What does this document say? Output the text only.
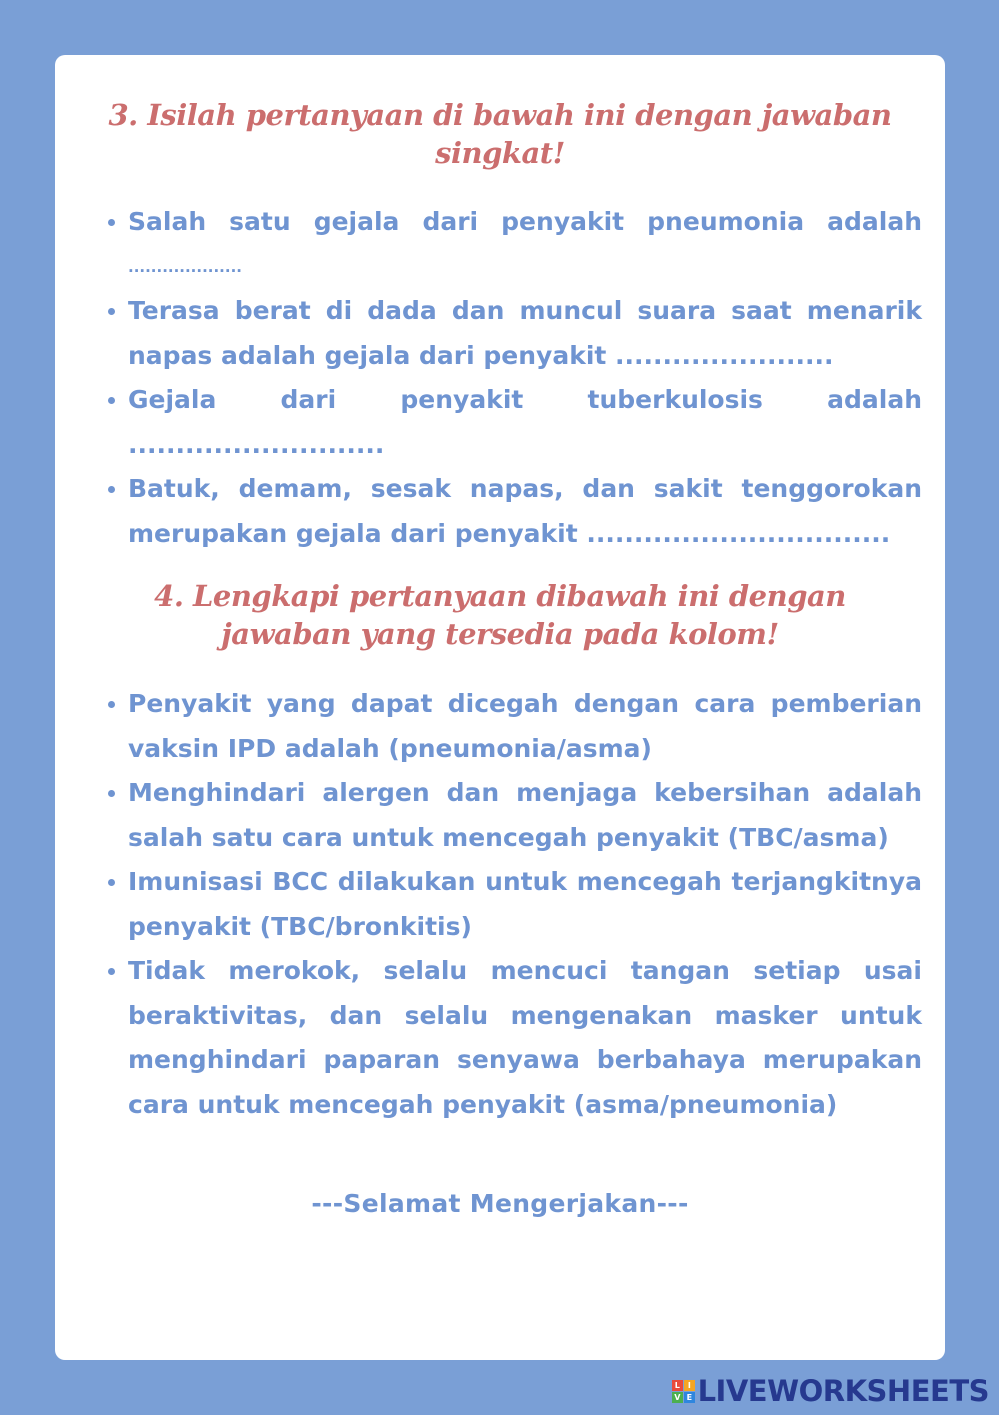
3. Isilah pertanyaan di bawah ini dengan jawaban
singkat!
Salah satu gejala dari penyakit pneumonia adalah
....................
Terasa berat di dada dan muncul suara saat menarik
napas adalah gejala dari penyakit .......................
Gejala dari penyakit tuberkulosis adalah ...........................
Batuk, demam, sesak napas, dan sakit tenggorokan
merupakan gejala dari penyakit ................................
4. Lengkapi pertanyaan dibawah ini dengan
jawaban yang tersedia pada kolom!
Penyakit yang dapat dicegah dengan cara pemberian
vaksin IPD adalah (pneumonia/asma)
Menghindari alergen dan menjaga kebersihan adalah
salah satu cara untuk mencegah penyakit (TBC/asma)
Imunisasi BCC dilakukan untuk mencegah terjangkitnya
penyakit (TBC/bronkitis)
Tidak merokok, selalu mencuci tangan setiap usai
beraktivitas, dan selalu mengenakan masker untuk
menghindari paparan senyawa berbahaya merupakan
cara untuk mencegah penyakit (asma/pneumonia)
---Selamat Mengerjakan---
L	I
V E LIVEWORKSHEETS
